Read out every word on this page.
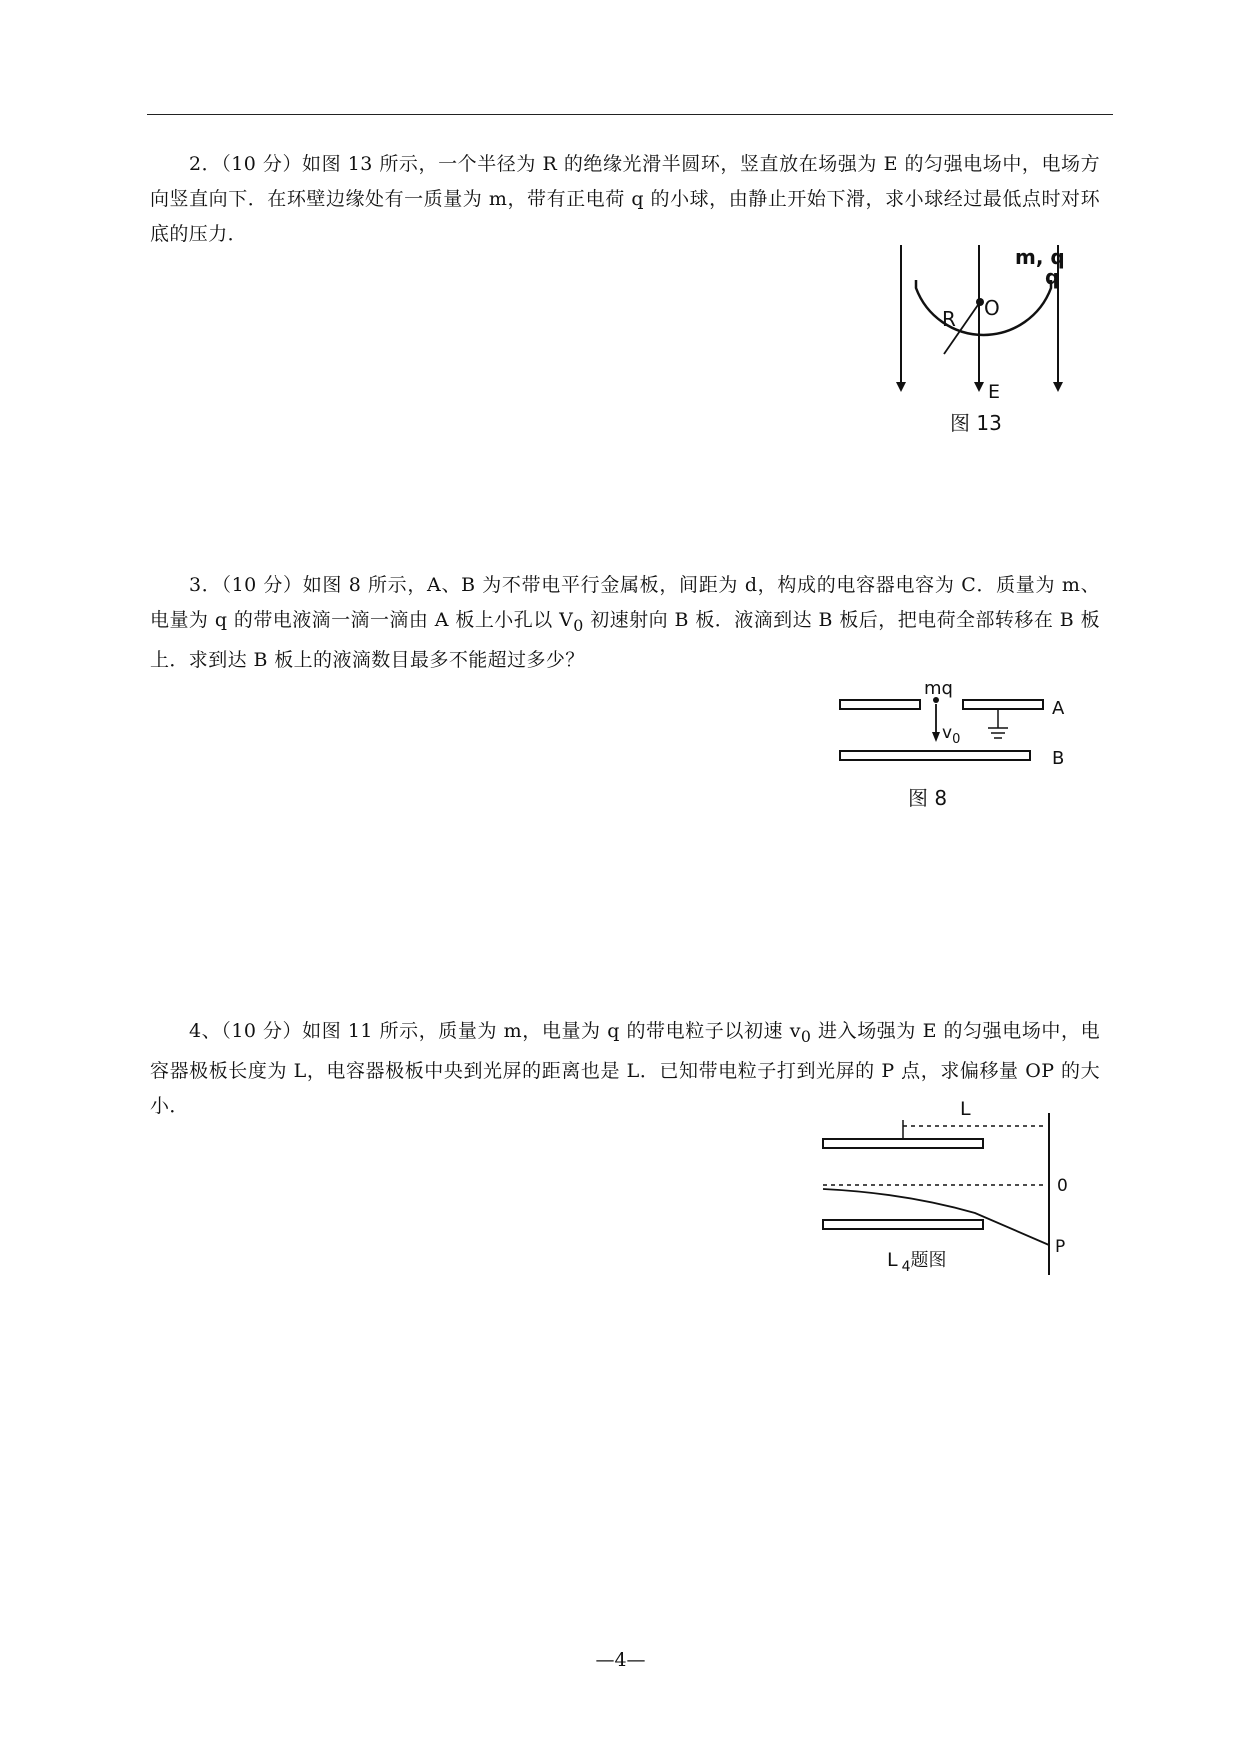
2．（10 分）如图 13 所示，一个半径为 R 的绝缘光滑半圆环，竖直放在场强为 E 的匀强电场中，电场方向竖直向下．在环壁边缘处有一质量为 m，带有正电荷 q 的小球，由静止开始下滑，求小球经过最低点时对环底的压力．

O
R
m, q
q
E
图 13

3．（10 分）如图 8 所示，A、B 为不带电平行金属板，间距为 d，构成的电容器电容为 C．质量为 m、电量为 q 的带电液滴一滴一滴由 A 板上小孔以 $V_0$ 初速射向 B 板．液滴到达 B 板后，把电荷全部转移在 B 板上．求到达 B 板上的液滴数目最多不能超过多少？

$v_0$
mq
A
B
图 8

4、（10 分）如图 11 所示，质量为 m，电量为 q 的带电粒子以初速 $v_0$ 进入场强为 E 的匀强电场中，电容器极板长度为 L，电容器极板中央到光屏的距离也是 L．已知带电粒子打到光屏的 P 点，求偏移量 OP 的大小．	L
0
P
L $_4$题图
—4—
